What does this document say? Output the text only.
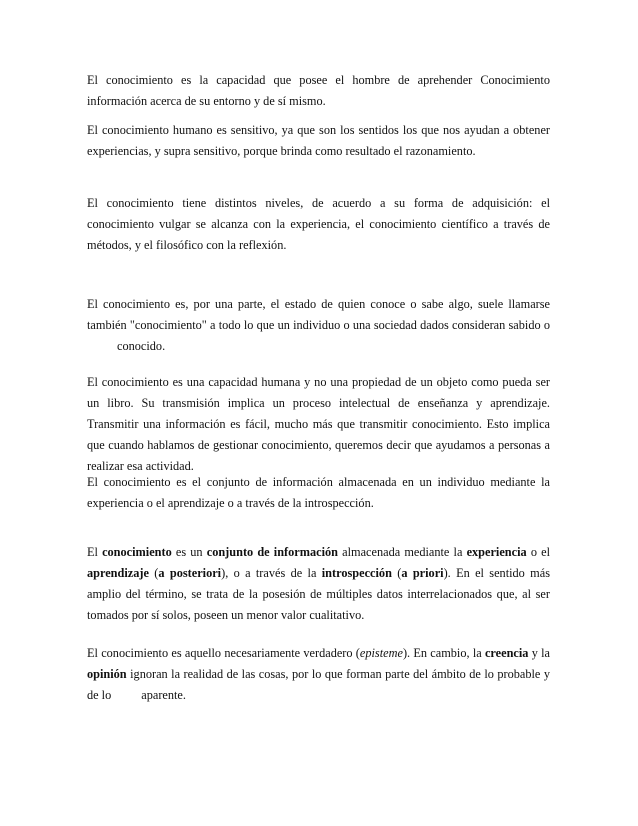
El conocimiento es la capacidad que posee el hombre de aprehender Conocimiento información acerca de su entorno y de sí mismo.

El conocimiento humano es sensitivo, ya que son los sentidos los que nos ayudan a obtener experiencias, y supra sensitivo, porque brinda como resultado el razonamiento.

El conocimiento tiene distintos niveles, de acuerdo a su forma de adquisición: el conocimiento vulgar se alcanza con la experiencia, el conocimiento científico a través de métodos, y el filosófico con la reflexión.

El conocimiento es, por una parte, el estado de quien conoce o sabe algo, suele llamarse también "conocimiento" a todo lo que un individuo o una sociedad dados consideran sabido oconocido.

El conocimiento es una capacidad humana y no una propiedad de un objeto como pueda ser un libro. Su transmisión implica un proceso intelectual de enseñanza y aprendizaje. Transmitir una información es fácil, mucho más que transmitir conocimiento. Esto implica que cuando hablamos de gestionar conocimiento, queremos decir que ayudamos a personas a realizar esa actividad.

El conocimiento es el conjunto de información almacenada en un individuo mediante la experiencia o el aprendizaje o a través de la introspección.

El conocimiento es un conjunto de información almacenada mediante la experiencia o el aprendizaje (a posteriori), o a través de la introspección (a priori). En el sentido más amplio del término, se trata de la posesión de múltiples datos interrelacionados que, al ser tomados por sí solos, poseen un menor valor cualitativo.

El conocimiento es aquello necesariamente verdadero (episteme). En cambio, la creencia y la opinión ignoran la realidad de las cosas, por lo que forman parte del ámbito de lo probable y de lo aparente.
